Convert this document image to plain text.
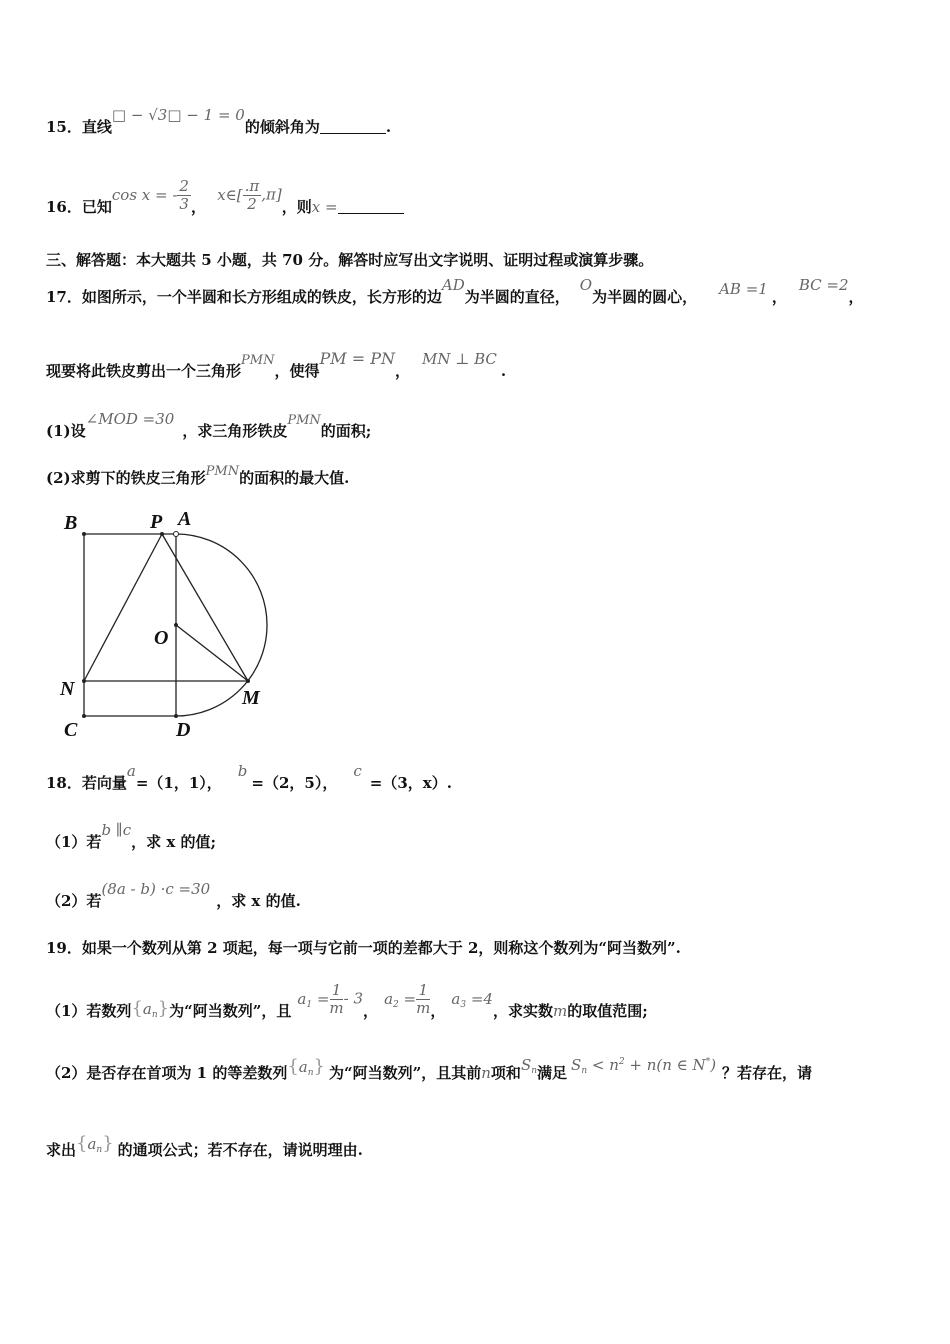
15．直线□ − √3□ − 1 = 0的倾斜角为	.
16．已知cos x = - $\frac{2}{3}$ ， x∈[ $\frac{.\pi}{2} ,\pi$]，则x =
三、解答题：本大题共 5 小题，共 70 分。解答时应写出文字说明、证明过程或演算步骤。
17．如图所示，一个半圆和长方形组成的铁皮，长方形的边AD为半圆的直径，O为半圆的圆心， AB =1 ，BC =2，
现要将此铁皮剪出一个三角形PMN，使得PM = PN，MN ⊥ BC.
(1)设∠MOD =30，求三角形铁皮PMN的面积;
(2)求剪下的铁皮三角形PMN的面积的最大值.
B	P A
O
N	M
C	D
18．若向量a=（1，1），b=（2，5），c=（3，x）.
（1）若b ∥c，求 x 的值;
（2）若(8a - b) ·c =30，求 x 的值.
19．如果一个数列从第 2 项起，每一项与它前一项的差都大于 2，则称这个数列为“阿当数列”.
（1）若数列$\{a_n\}$为“阿当数列”，且$a_1 = \frac{1}{m} - 3$，$a_2 = \frac{1}{m}$ ，$a_3 =4$，求实数m的取值范围;
（2）是否存在首项为 1 的等差数列$\{a_n\}$ 为“阿当数列”，且其前n项和$S_n$满足 $S_n < n^2 + n(n$ ∈ N*) ？若存在，请
求出$\{a_n\}$ 的通项公式；若不存在，请说明理由.
